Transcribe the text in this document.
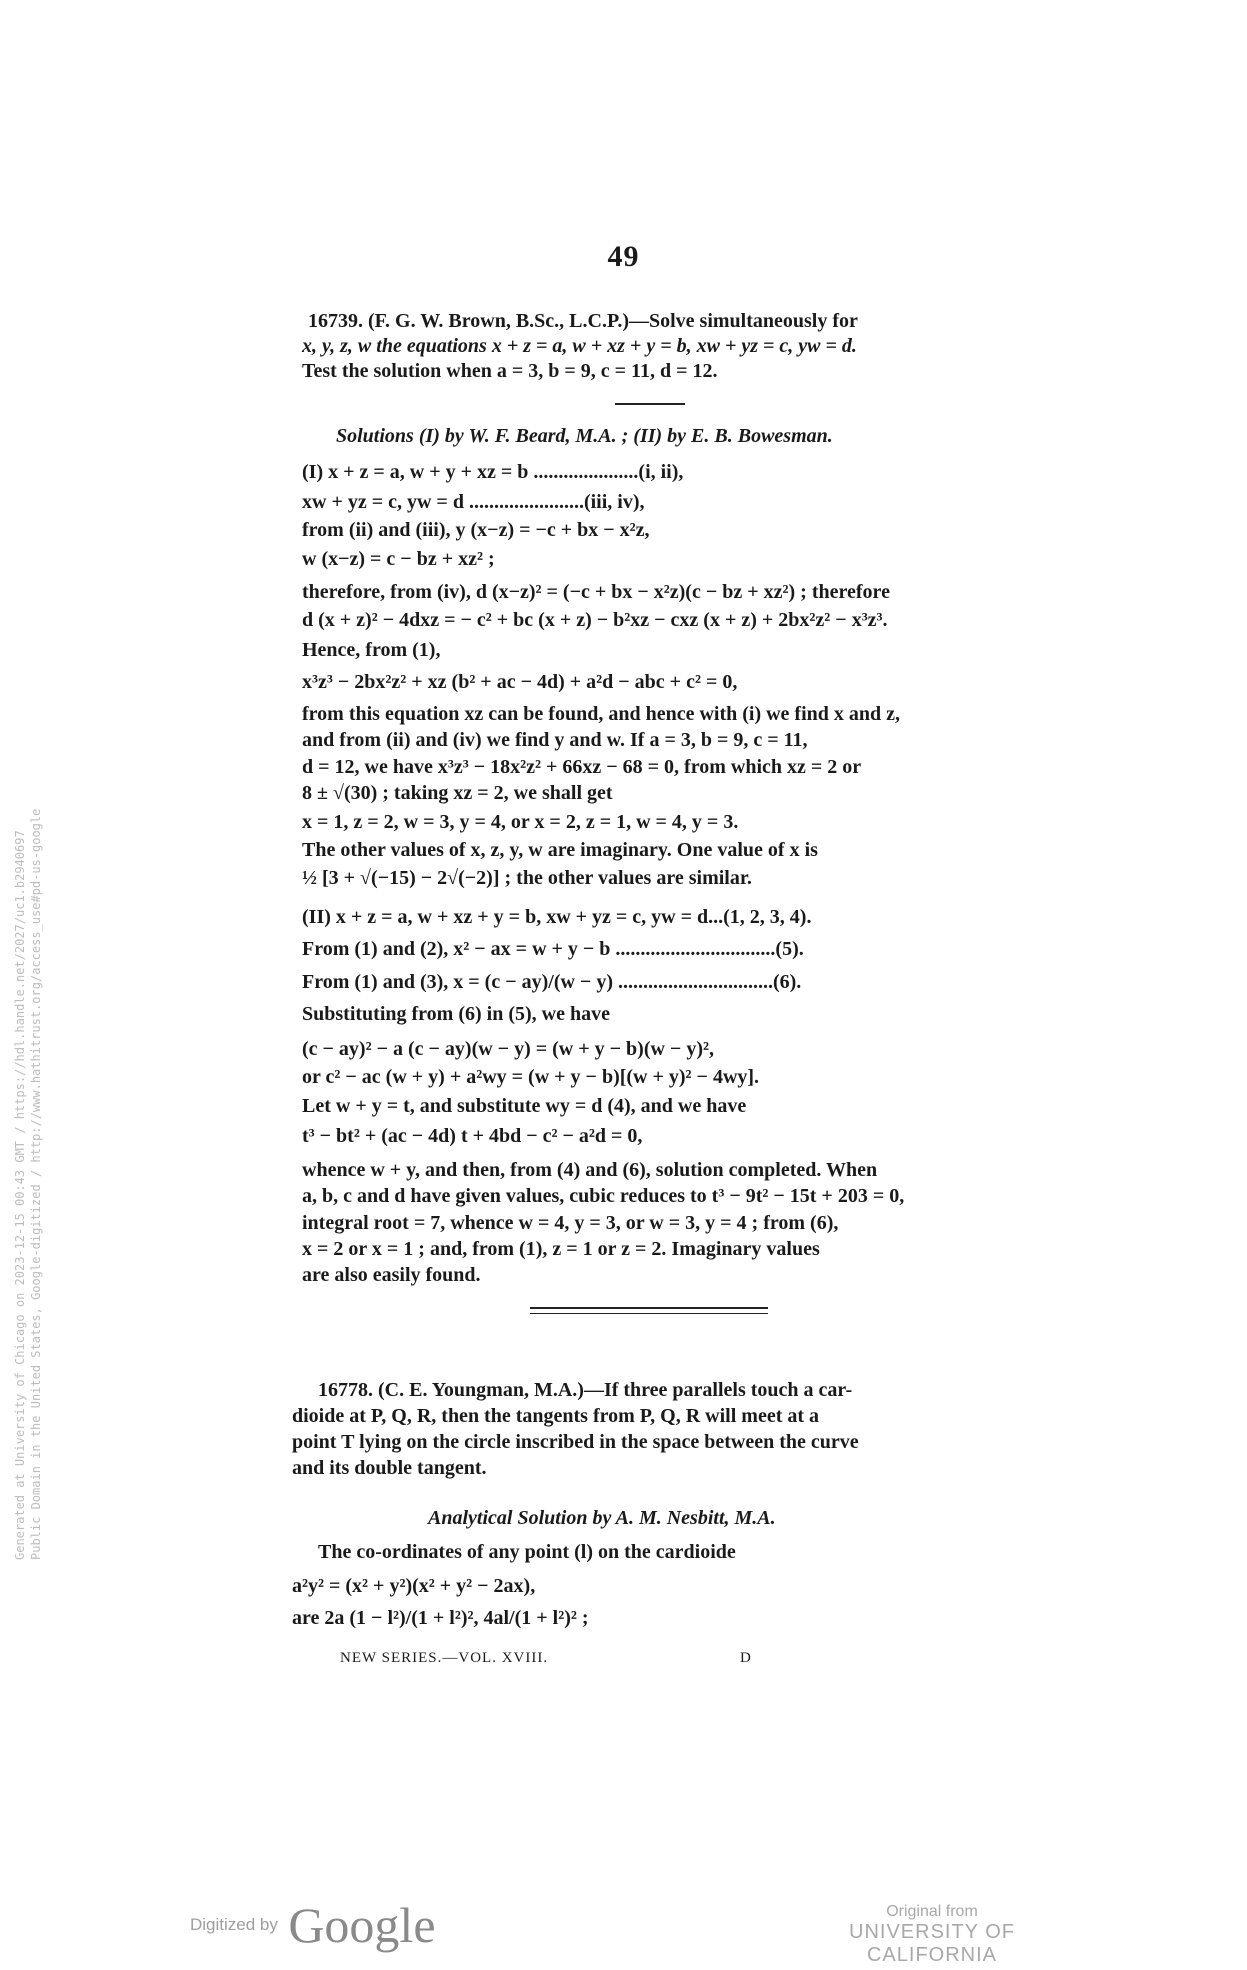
49
16739. (F. G. W. Brown, B.Sc., L.C.P.)—Solve simultaneously for
x, y, z, w the equations x + z = a, w + xz + y = b, xw + yz = c, yw = d.
Test the solution when a = 3, b = 9, c = 11, d = 12.
Solutions (I) by W. F. Beard, M.A. ; (II) by E. B. Bowesman.
(I) x + z = a, w + y + xz = b .....................(i, ii),
xw + yz = c, yw = d .......................(iii, iv),
from (ii) and (iii), y (x−z) = −c + bx − x²z,
w (x−z) = c − bz + xz² ;
therefore, from (iv), d (x−z)² = (−c + bx − x²z)(c − bz + xz²) ; therefore
d (x + z)² − 4dxz = − c² + bc (x + z) − b²xz − cxz (x + z) + 2bx²z² − x³z³.
Hence, from (1),
x³z³ − 2bx²z² + xz (b² + ac − 4d) + a²d − abc + c² = 0,
from this equation xz can be found, and hence with (i) we find x and z,
and from (ii) and (iv) we find y and w. If a = 3, b = 9, c = 11,
d = 12, we have x³z³ − 18x²z² + 66xz − 68 = 0, from which xz = 2 or
8 ± √(30) ; taking xz = 2, we shall get
x = 1, z = 2, w = 3, y = 4, or x = 2, z = 1, w = 4, y = 3.
The other values of x, z, y, w are imaginary. One value of x is
½ [3 + √(−15) − 2√(−2)] ; the other values are similar.
(II) x + z = a, w + xz + y = b, xw + yz = c, yw = d...(1, 2, 3, 4).
From (1) and (2), x² − ax = w + y − b ................................(5).
From (1) and (3), x = (c − ay)/(w − y) ...............................(6).
Substituting from (6) in (5), we have
(c − ay)² − a (c − ay)(w − y) = (w + y − b)(w − y)²,
or c² − ac (w + y) + a²wy = (w + y − b)[(w + y)² − 4wy].
Let w + y = t, and substitute wy = d (4), and we have
t³ − bt² + (ac − 4d) t + 4bd − c² − a²d = 0,
whence w + y, and then, from (4) and (6), solution completed. When
a, b, c and d have given values, cubic reduces to t³ − 9t² − 15t + 203 = 0,
integral root = 7, whence w = 4, y = 3, or w = 3, y = 4 ; from (6),
x = 2 or x = 1 ; and, from (1), z = 1 or z = 2. Imaginary values
are also easily found.
16778. (C. E. Youngman, M.A.)—If three parallels touch a car-
dioide at P, Q, R, then the tangents from P, Q, R will meet at a
point T lying on the circle inscribed in the space between the curve
and its double tangent.
Analytical Solution by A. M. Nesbitt, M.A.
The co-ordinates of any point (l) on the cardioide
a²y² = (x² + y²)(x² + y² − 2ax),
are 2a (1 − l²)/(1 + l²)², 4al/(1 + l²)² ;
NEW SERIES.—VOL. XVIII.	D
Generated at University of Chicago on 2023-12-15 00:43 GMT / https://hdl.handle.net/2027/uc1.b2940697 Public Domain in the United States, Google-digitized / http://www.hathitrust.org/access_use#pd-us-google
Digitized by Google	Original from
UNIVERSITY OF CALIFORNIA
